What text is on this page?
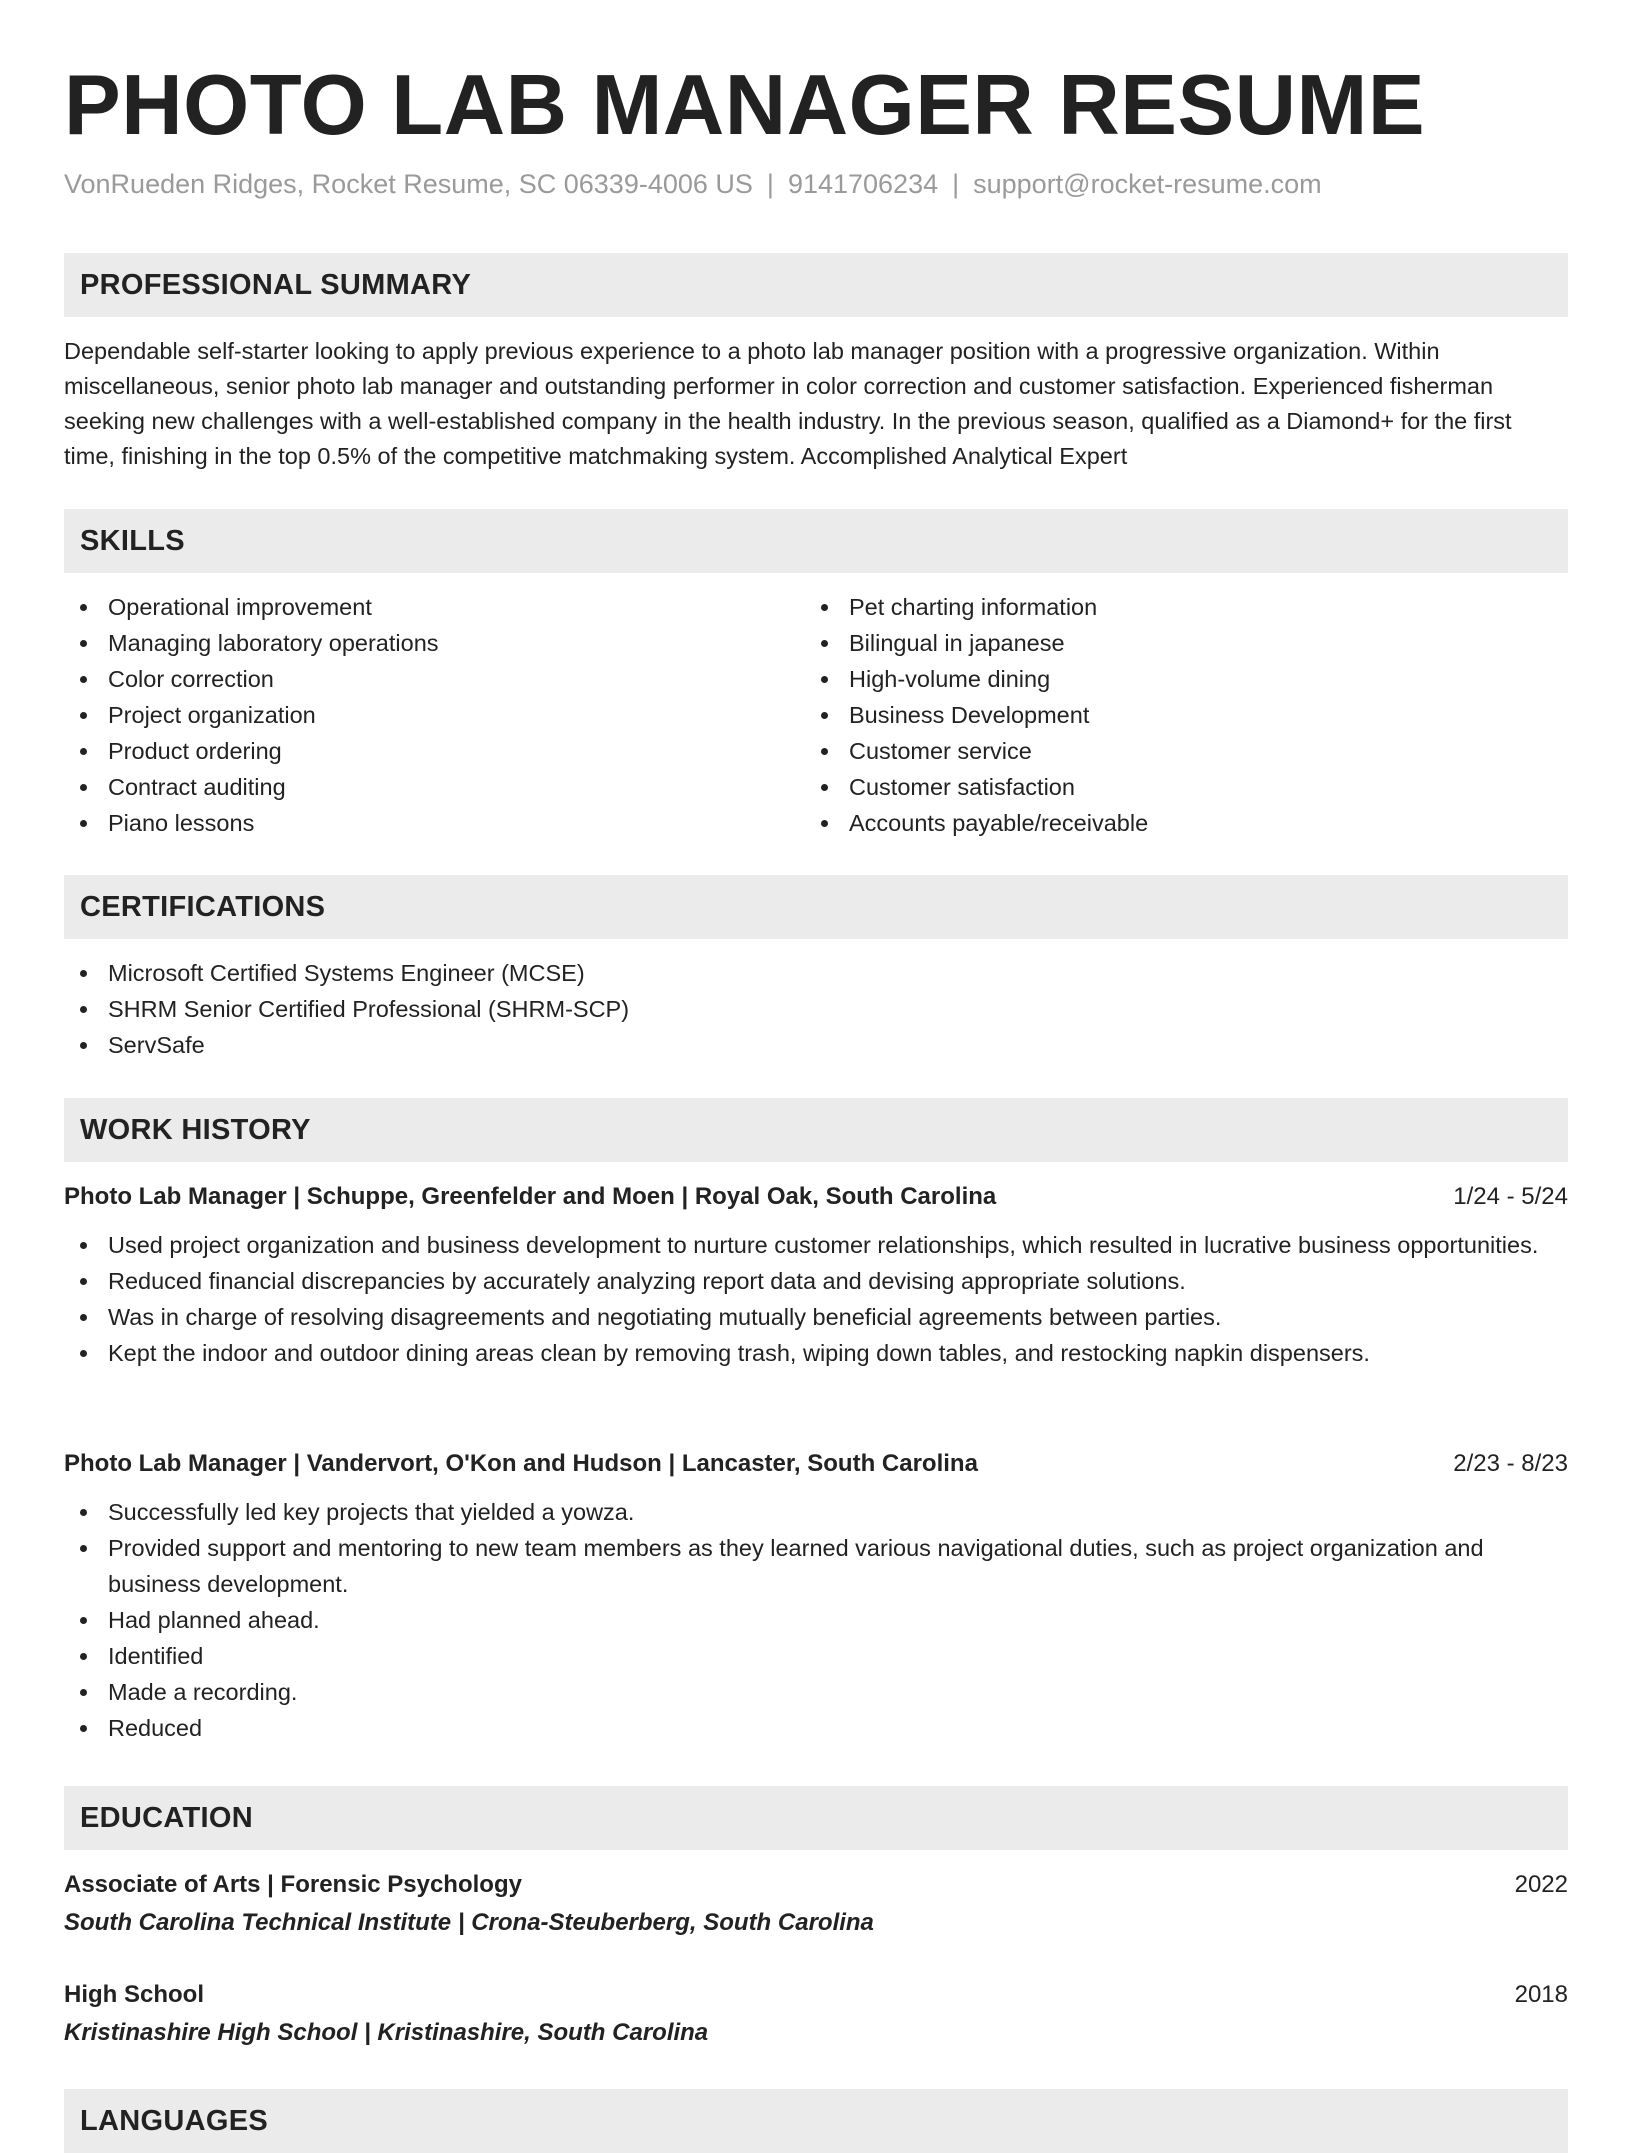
PHOTO LAB MANAGER RESUME
VonRueden Ridges, Rocket Resume, SC 06339-4006 US | 9141706234 | support@rocket-resume.com
PROFESSIONAL SUMMARY
Dependable self-starter looking to apply previous experience to a photo lab manager position with a progressive organization. Within miscellaneous, senior photo lab manager and outstanding performer in color correction and customer satisfaction. Experienced fisherman seeking new challenges with a well-established company in the health industry. In the previous season, qualified as a Diamond+ for the first time, finishing in the top 0.5% of the competitive matchmaking system. Accomplished Analytical Expert
SKILLS
Operational improvement
Managing laboratory operations
Color correction
Project organization
Product ordering
Contract auditing
Piano lessons
Pet charting information
Bilingual in japanese
High-volume dining
Business Development
Customer service
Customer satisfaction
Accounts payable/receivable
CERTIFICATIONS
Microsoft Certified Systems Engineer (MCSE)
SHRM Senior Certified Professional (SHRM-SCP)
ServSafe
WORK HISTORY
Photo Lab Manager | Schuppe, Greenfelder and Moen | Royal Oak, South Carolina	1/24 - 5/24
Used project organization and business development to nurture customer relationships, which resulted in lucrative business opportunities.
Reduced financial discrepancies by accurately analyzing report data and devising appropriate solutions.
Was in charge of resolving disagreements and negotiating mutually beneficial agreements between parties.
Kept the indoor and outdoor dining areas clean by removing trash, wiping down tables, and restocking napkin dispensers.
Photo Lab Manager | Vandervort, O'Kon and Hudson | Lancaster, South Carolina	2/23 - 8/23
Successfully led key projects that yielded a yowza.
Provided support and mentoring to new team members as they learned various navigational duties, such as project organization and business development.
Had planned ahead.
Identified
Made a recording.
Reduced
EDUCATION
Associate of Arts | Forensic Psychology	2022
South Carolina Technical Institute | Crona-Steuberberg, South Carolina
High School	2018
Kristinashire High School | Kristinashire, South Carolina
LANGUAGES
